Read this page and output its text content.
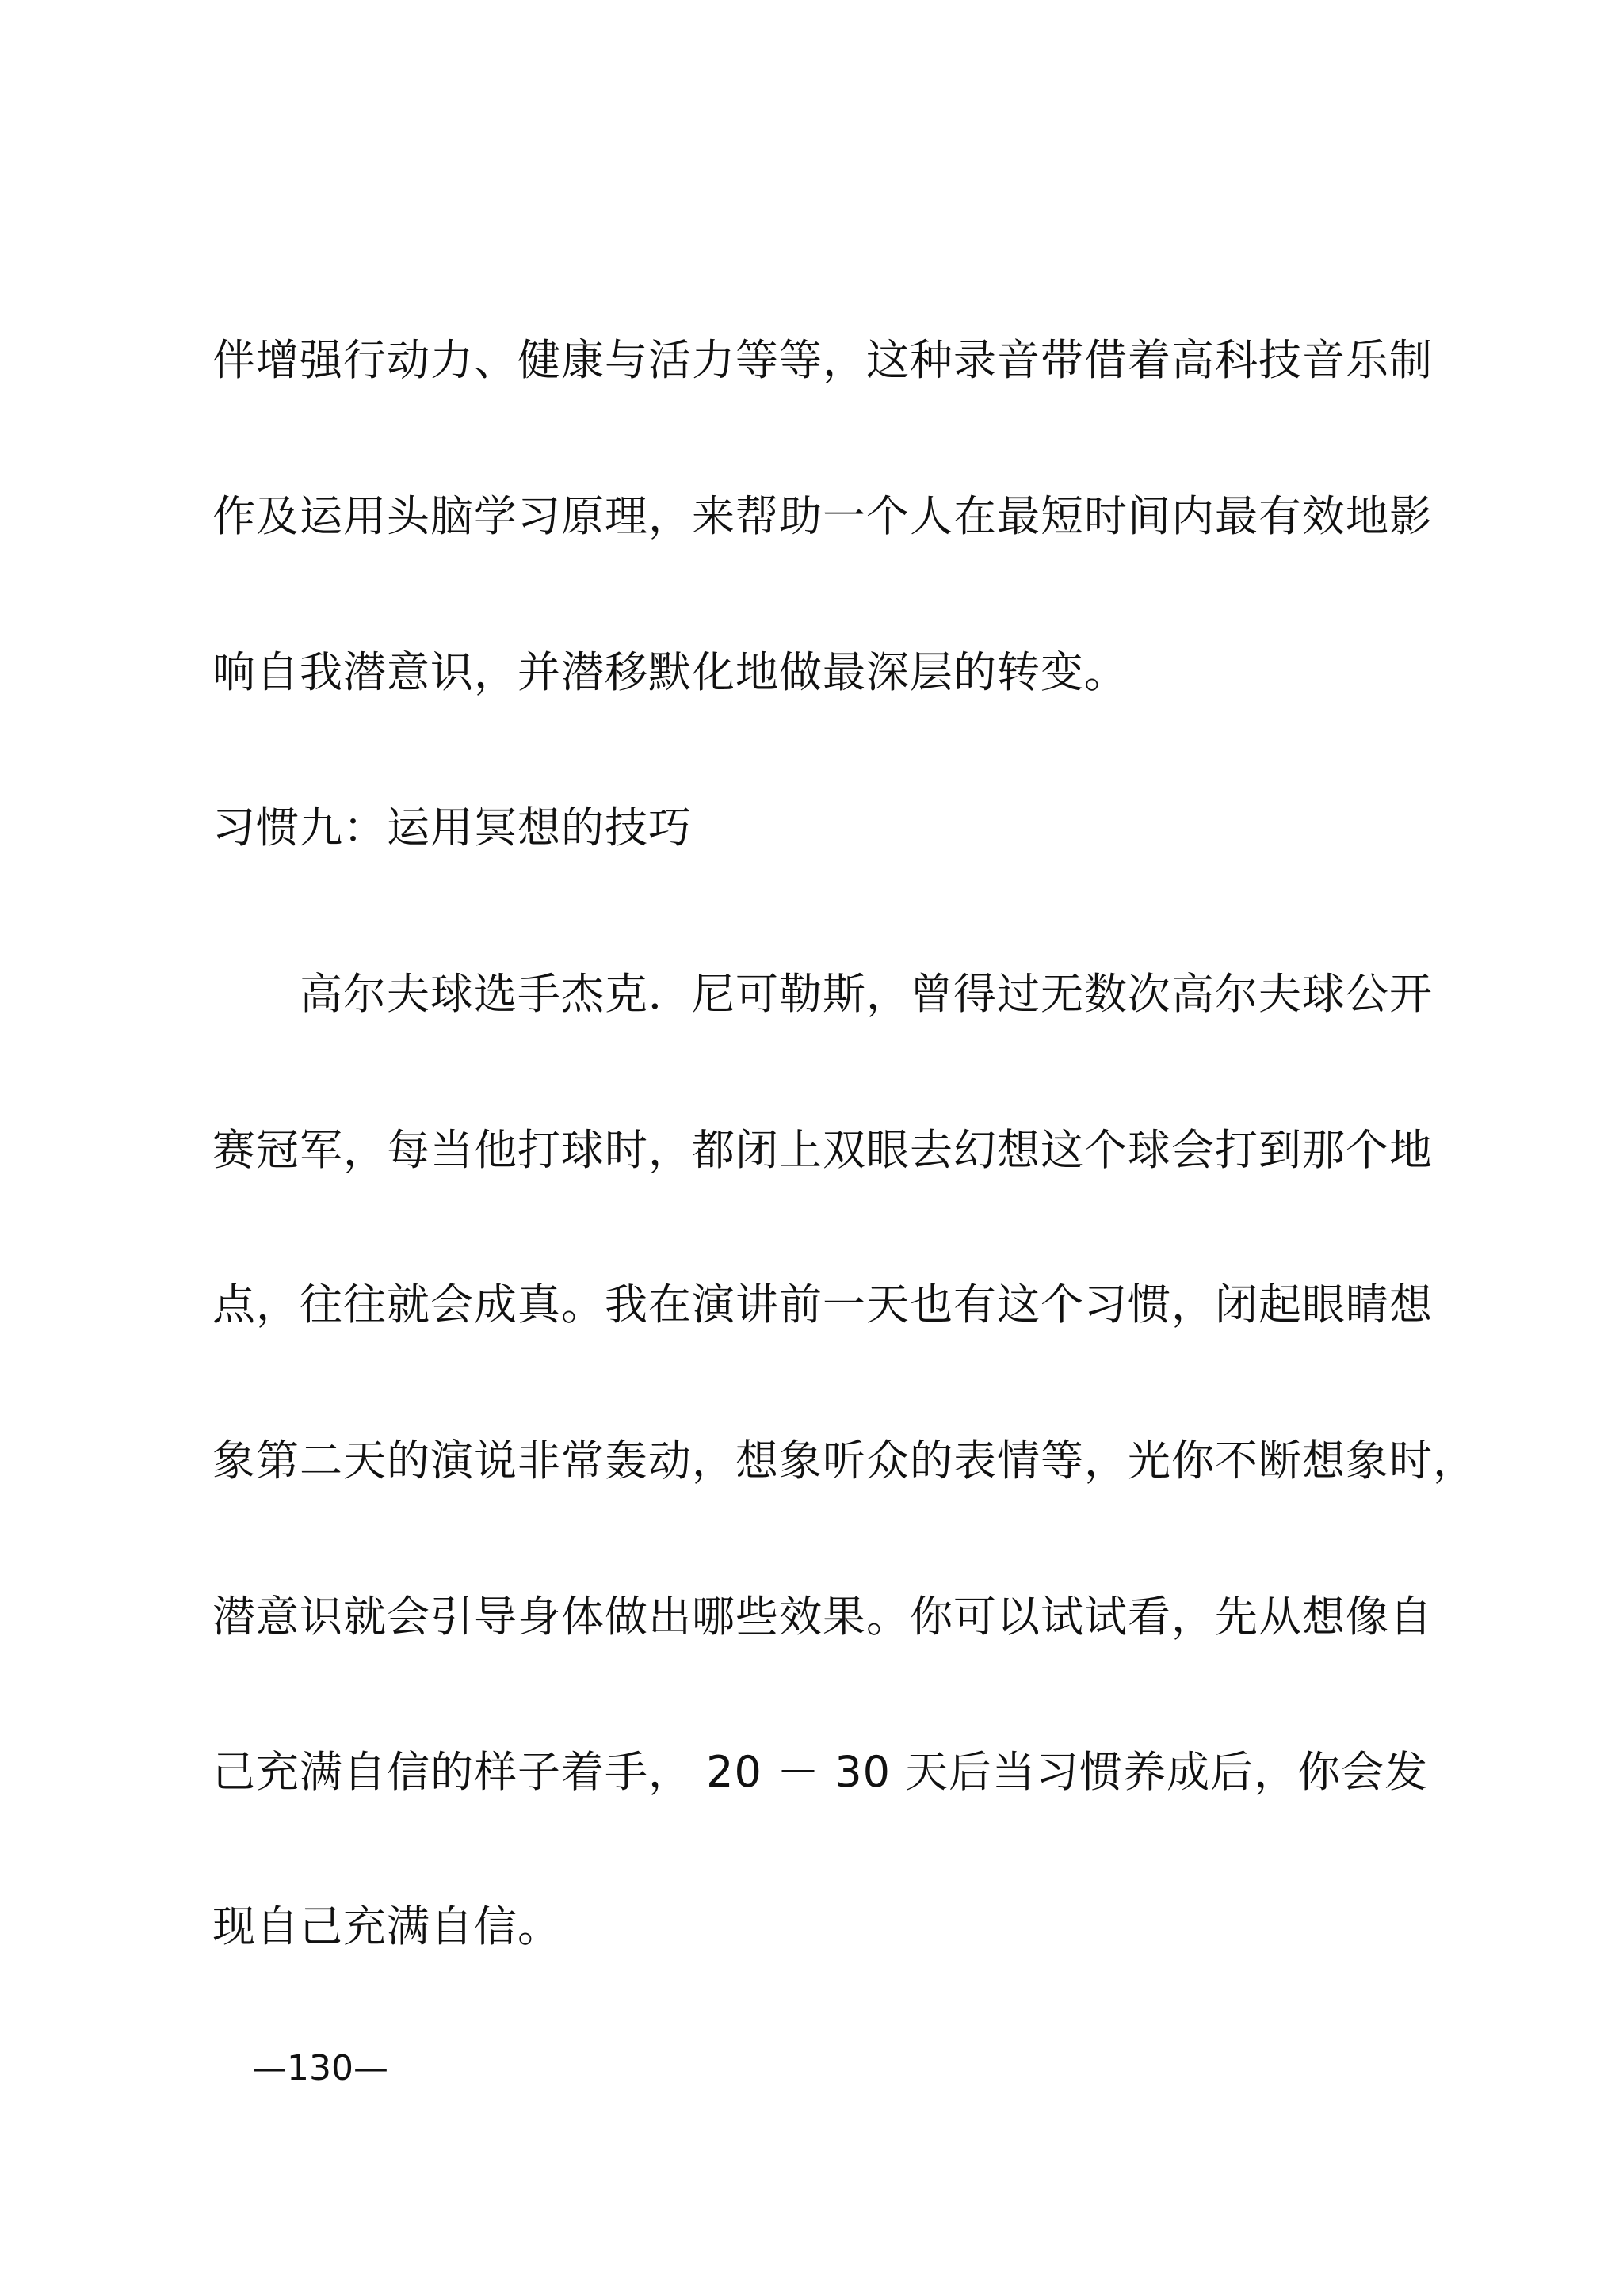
伴增强行动力、健康与活力等等，这种录音带借着高科技音乐制
作及运用头脑学习原理，来帮助一个人在最短时间内最有效地影
响自我潜意识，并潜移默化地做最深层的转变。
习惯九：运用冥想的技巧
高尔夫球选手杰克．尼可勒斯，曾得过无数次高尔夫球公开
赛冠军，每当他打球时，都闭上双眼去幻想这个球会打到那个地
点，往往就会成真。我在演讲前一天也有这个习惯，闭起眼睛想
象第二天的演说非常轰动，想象听众的表情等，光你不断想象时，
潜意识就会引导身体做出哪些效果。你可以试试看，先从想像自
己充满自信的样子着手， 20 － 30 天后当习惯养成后，你会发
现自己充满自信。
—130—
